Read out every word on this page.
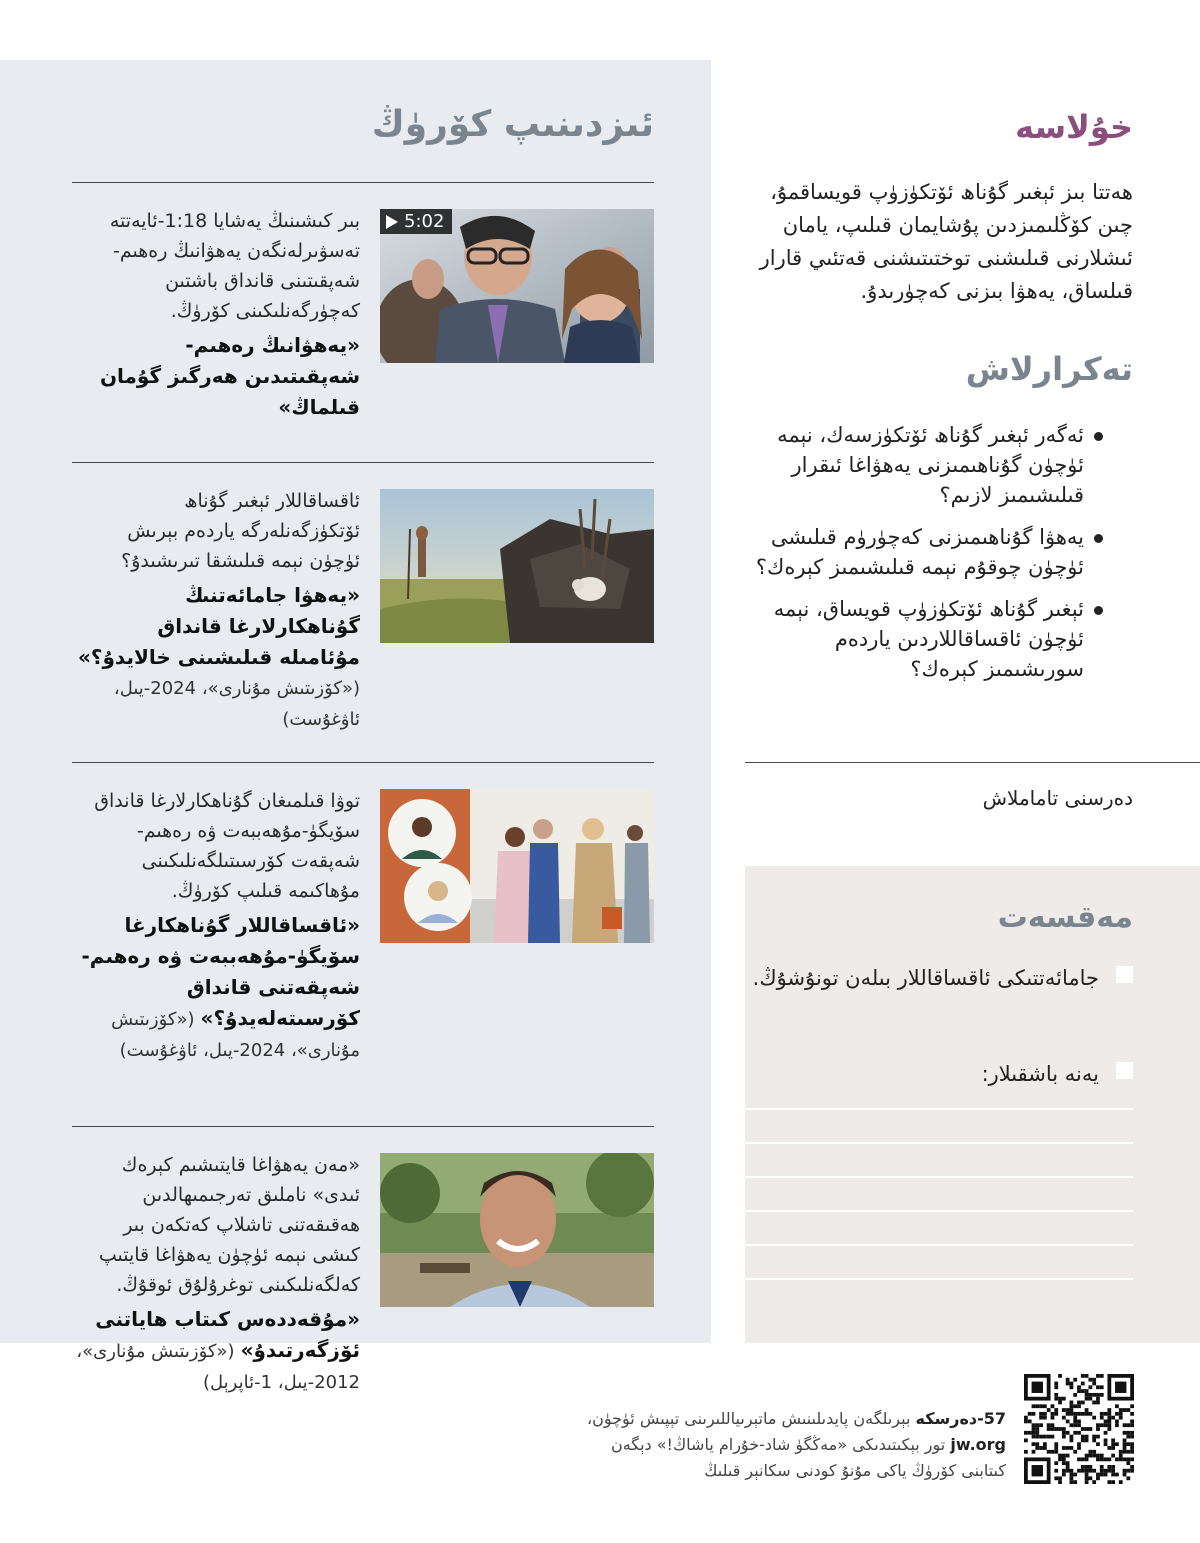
ئىزدىنىپ كۆرۈڭ
5:02
بىر كىشىنىڭ يەشايا 1:18-ئايەتتە تەسۋىرلەنگەن يەھۋانىڭ رەھىم-شەپقىتىنى قانداق باشتىن كەچۈرگەنلىكىنى كۆرۈڭ.
«يەھۋانىڭ رەھىم-شەپقىتىدىن ھەرگىز گۇمان قىلماڭ»
ئاقساقاللار ئېغىر گۇناھ ئۆتكۈزگەنلەرگە ياردەم بېرىش ئۈچۈن نېمە قىلىشقا تىرىشىدۇ؟
«يەھۋا جامائەتنىڭ گۇناھكارلارغا قانداق مۇئامىلە قىلىشىنى خالايدۇ؟» («كۆزىتىش مۇنارى»، 2024-يىل، ئاۋغۇست)
توۋا قىلمىغان گۇناھكارلارغا قانداق سۆيگۈ-مۇھەببەت ۋە رەھىم-شەپقەت كۆرسىتىلگەنلىكىنى مۇھاكىمە قىلىپ كۆرۈڭ.
«ئاقساقاللار گۇناھكارغا سۆيگۈ-مۇھەببەت ۋە رەھىم-شەپقەتنى قانداق كۆرسىتەلەيدۇ؟» («كۆزىتىش مۇنارى»، 2024-يىل، ئاۋغۇست)
«مەن يەھۋاغا قايتىشىم كېرەك ئىدى» ناملىق تەرجىمىھالدىن ھەقىقەتنى تاشلاپ كەتكەن بىر كىشى نېمە ئۈچۈن يەھۋاغا قايتىپ كەلگەنلىكىنى توغرۇلۇق ئوقۇڭ.
«مۇقەددەس كىتاب ھاياتنى ئۆزگەرتىدۇ» («كۆزىتىش مۇنارى»، 2012-يىل، 1-ئاپرېل)
خۇلاسە

ھەتتا بىز ئېغىر گۇناھ ئۆتكۈزۈپ قويساقمۇ، چىن كۆڭلىمىزدىن پۇشايمان قىلىپ، يامان ئىشلارنى قىلىشنى توختىتىشنى قەتئىي قارار قىلساق، يەھۋا بىزنى كەچۈرىدۇ.

تەكرارلاش
ئەگەر ئېغىر گۇناھ ئۆتكۈزسەك، نېمە ئۈچۈن گۇناھىمىزنى يەھۋاغا ئىقرار قىلىشىمىز لازىم؟
يەھۋا گۇناھىمىزنى كەچۈرۈم قىلىشى ئۈچۈن چوقۇم نېمە قىلىشىمىز كېرەك؟
ئېغىر گۇناھ ئۆتكۈزۈپ قويساق، نېمە ئۈچۈن ئاقساقاللاردىن ياردەم سورىشىمىز كېرەك؟
دەرسنى تاماملاش
مەقسەت
جامائەتتىكى ئاقساقاللار بىلەن تونۇشۇڭ.
يەنە باشقىلار:
57-دەرسكە بېرىلگەن پايدىلىنىش ماتېرىياللىرىنى تېپىش ئۈچۈن،
jw.org تور بېكىتىدىكى «مەڭگۈ شاد-خۇرام ياشاڭ!» دېگەن
كىتابنى كۆرۈڭ ياكى مۇنۇ كودنى سكانېر قىلىڭ
